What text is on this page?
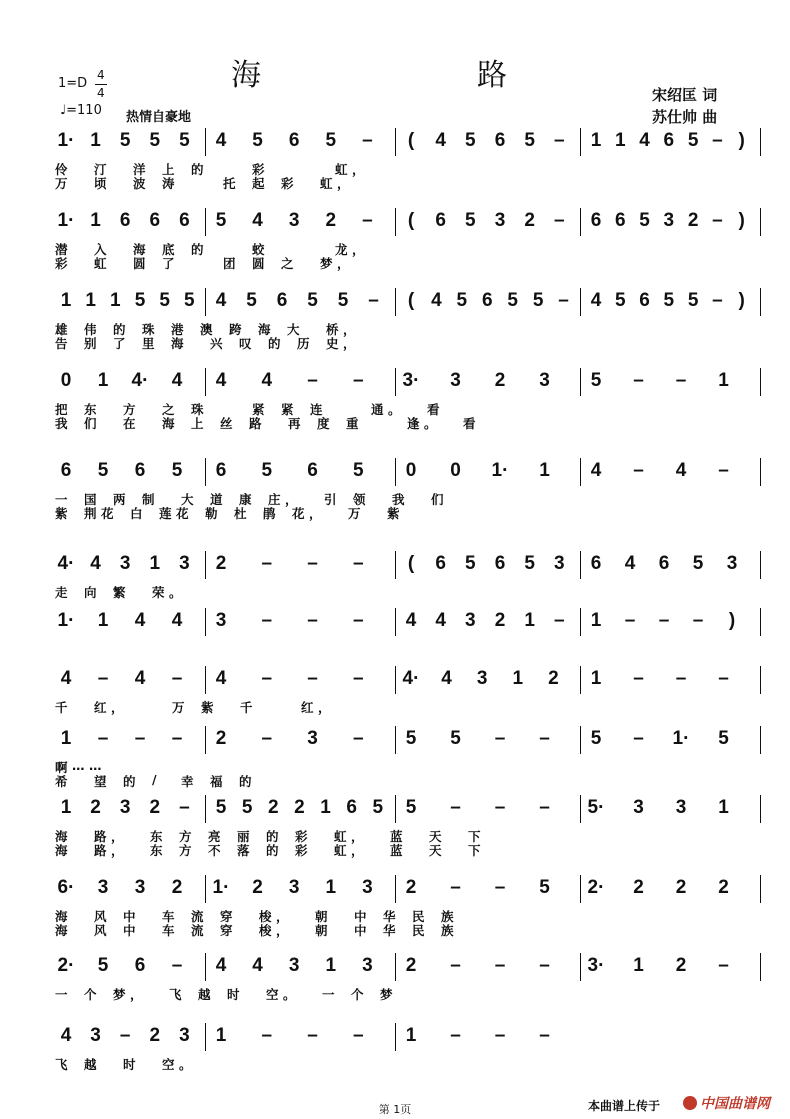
海　　路
1=D
4
4
♩=110 热情自豪地
宋绍匡 词
苏仕帅 曲
1· 1	5	5	5	4	5	6	5	–	(	4	5	6	5	–	1 1 4 6 5 – )
伶 汀 洋 上 的	彩	虹 ，
万 顷 波 涛	托 起 彩 虹 ，
1· 1	6	6	6	5	4	3	2	–	(	6	5	3	2	–	6 6 5 3 2 – )
潜 入 海 底 的	蛟	龙 ，
彩 虹 圆 了	团 圆 之 梦 ，
1 1 1 5 5 5	4	5	6	5	5	–	( 4 5 6 5 5 –	4 5 6 5 5 – )
雄 伟 的 珠 港 澳 跨 海 大 桥 ，
告 别 了 里 海 兴 叹 的 历 史 ，
0	1	4·	4	4	4	–	–	3·	3	2	3	5	–	–	1
把 东 方 之 珠	紧 紧 连	通 。 看
我 们 在 海 上 丝 路 再 度 重	逢 。 看
6	5	6	5	6	5	6	5	0	0	1·	1	4	–	4	–
一 国 两 制 大 道 康 庄 ， 引 领 我 们
紫 荆 花 白 莲 花 勒 杜 鹃 花 ， 万 紫
4· 4	3	1	3	2	–	–	–	(	6	5	6	5	3	6	4	6	5	3
走 向 繁 荣 。
1·	1	4	4	3	–	–	–	4	4	3	2	1	–	1	–	–	–	)
4	–	4	–	4	–	–	–	4·	4	3	1	2	1	–	–	–
千 红 ，	万 紫 千	红 ，
1	–	–	–	2	–	3	–	5	5	–	–	5	–	1·	5
啊 … …
希 望 的 / 幸 福 的
1	2	3	2	–	5 5 2 2 1 6 5	5	–	–	–	5·	3	3	1
海 路 ， 东 方 亮 丽 的 彩 虹 ， 蓝 天 下
海 路 ， 东 方 不 落 的 彩 虹 ， 蓝 天 下
6·	3	3	2	1·	2	3	1	3	2	–	–	5	2·	2	2	2
海 风 中 车 流 穿 梭 ， 朝 中 华 民 族
海 风 中 车 流 穿 梭 ， 朝 中 华 民 族
2·	5	6	–	4	4	3	1	3	2	–	–	–	3·	1	2	–
一 个 梦 ， 飞 越 时 空 。 一 个 梦
4	3	–	2	3	1	–	–	–	1	–	–	–
飞 越 时 空 。
第 1页	本曲谱上传于	中国曲谱网
